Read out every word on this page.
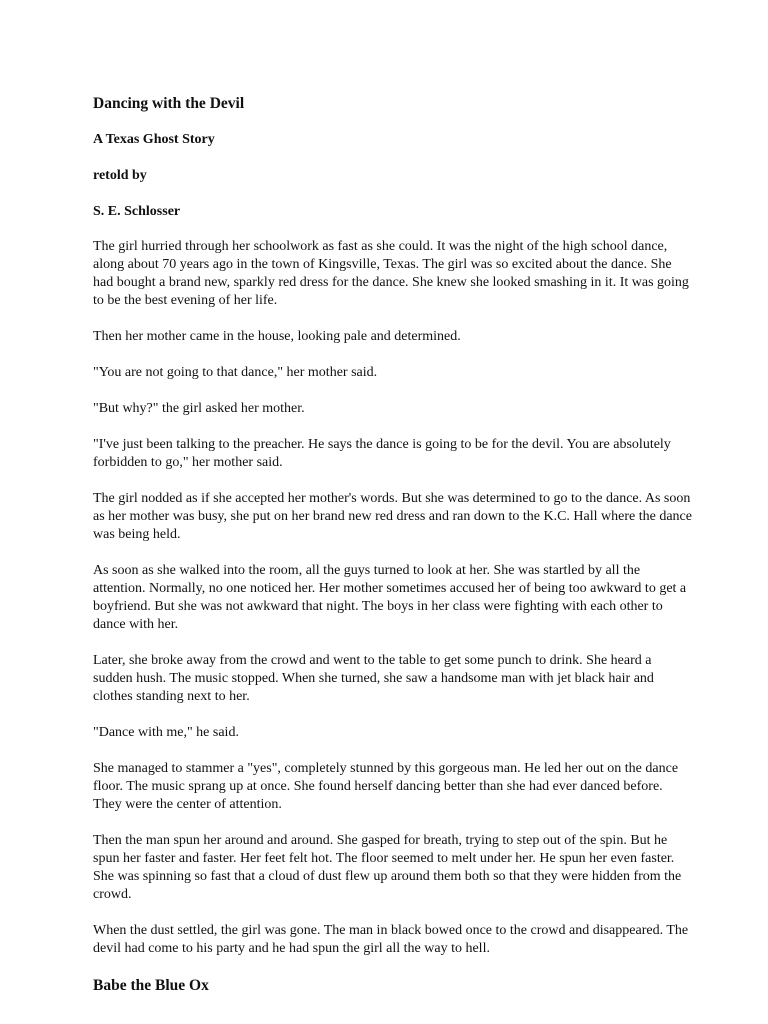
Dancing with the Devil
A Texas Ghost Story
retold by
S. E. Schlosser

The girl hurried through her schoolwork as fast as she could. It was the night of the high school dance, along about 70 years ago in the town of Kingsville, Texas. The girl was so excited about the dance. She had bought a brand new, sparkly red dress for the dance. She knew she looked smashing in it. It was going to be the best evening of her life.

Then her mother came in the house, looking pale and determined.

"You are not going to that dance," her mother said.

"But why?" the girl asked her mother.

"I've just been talking to the preacher. He says the dance is going to be for the devil. You are absolutely forbidden to go," her mother said.

The girl nodded as if she accepted her mother's words. But she was determined to go to the dance. As soon as her mother was busy, she put on her brand new red dress and ran down to the K.C. Hall where the dance was being held.

As soon as she walked into the room, all the guys turned to look at her. She was startled by all the attention. Normally, no one noticed her. Her mother sometimes accused her of being too awkward to get a boyfriend. But she was not awkward that night. The boys in her class were fighting with each other to dance with her.

Later, she broke away from the crowd and went to the table to get some punch to drink. She heard a sudden hush. The music stopped. When she turned, she saw a handsome man with jet black hair and clothes standing next to her.

"Dance with me," he said.

She managed to stammer a "yes", completely stunned by this gorgeous man. He led her out on the dance floor. The music sprang up at once. She found herself dancing better than she had ever danced before. They were the center of attention.

Then the man spun her around and around. She gasped for breath, trying to step out of the spin. But he spun her faster and faster. Her feet felt hot. The floor seemed to melt under her. He spun her even faster. She was spinning so fast that a cloud of dust flew up around them both so that they were hidden from the crowd.

When the dust settled, the girl was gone. The man in black bowed once to the crowd and disappeared. The devil had come to his party and he had spun the girl all the way to hell.

Babe the Blue Ox
